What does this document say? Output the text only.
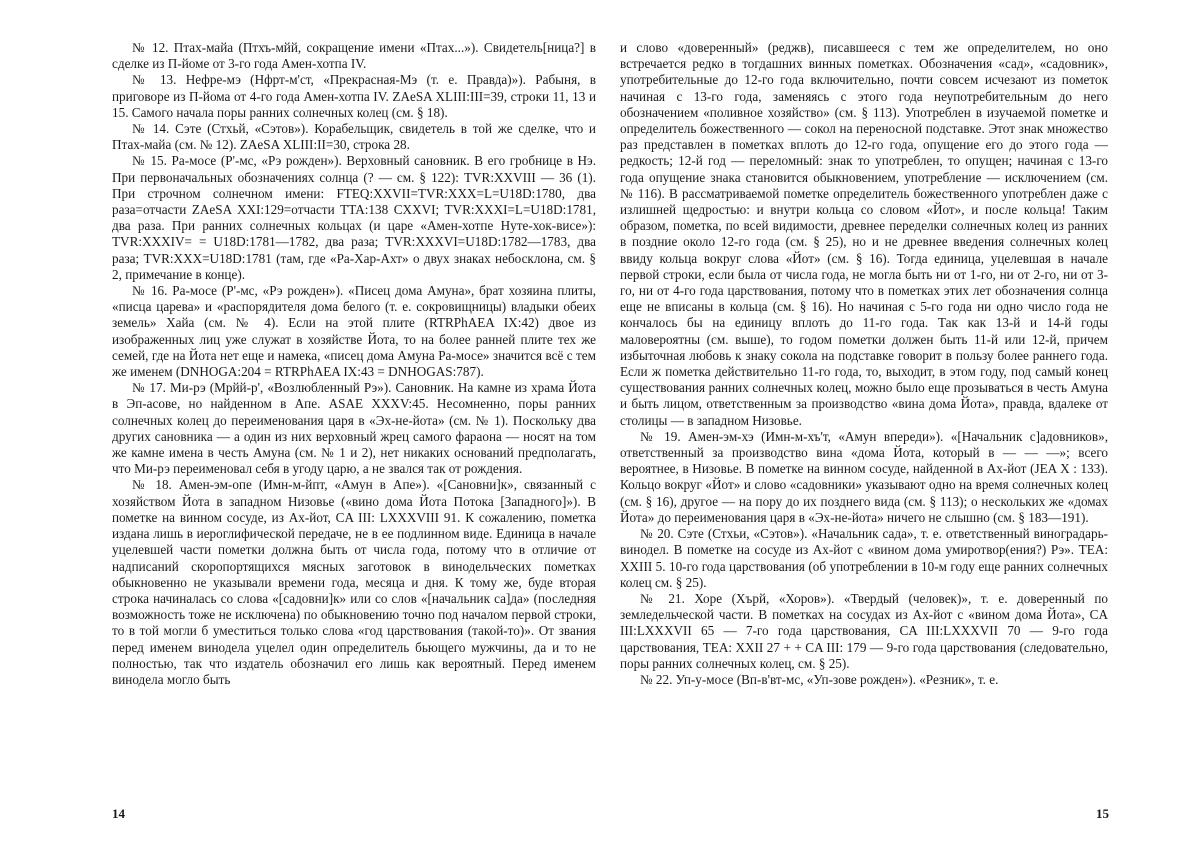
№ 12. Птах-майа (Птхъ-мйй, сокращение имени «Птах...»). Свидетель[ница?] в сделке из П-йоме от 3-го года Амен-хотпа IV.

№ 13. Нефре-мэ (Нфрт-м'ст, «Прекрасная-Мэ (т. е. Правда)»). Рабыня, в приговоре из П-йома от 4-го года Амен-хотпа IV. ZAeSA XLIII:III=39, строки 11, 13 и 15. Самого начала поры ранних солнечных колец (см. § 18).

№ 14. Сэте (Стхьй, «Сэтов»). Корабельщик, свидетель в той же сделке, что и Птах-майа (см. № 12). ZAeSA XLIII:II=30, строка 28.

№ 15. Ра-мосе (Р'-мс, «Рэ рожден»). Верховный сановник. В его гробнице в Нэ. При первоначальных обозначениях солнца (? — см. § 122): TVR:XXVIII — 36 (1). При строчном солнечном имени: FTEQ:XXVII=TVR:XXX=L=U18D:1780, два раза=отчасти ZAeSA XXI:129=отчасти TTA:138 CXXVI; TVR:XXXI=L=U18D:1781, два раза. При ранних солнечных кольцах (и царе «Амен-хотпе Нуте-хок-висе»): TVR:XXXIV= = U18D:1781—1782, два раза; TVR:XXXVI=U18D:1782—1783, два раза; TVR:XXX=U18D:1781 (там, где «Ра-Хар-Ахт» о двух знаках небосклона, см. § 2, примечание в конце).

№ 16. Ра-мосе (Р'-мс, «Рэ рожден»). «Писец дома Амуна», брат хозяина плиты, «писца царева» и «распорядителя дома белого (т. е. сокровищницы) владыки обеих земель» Хайа (см. № 4). Если на этой плите (RTRPhAEA IX:42) двое из изображенных лиц уже служат в хозяйстве Йота, то на более ранней плите тех же семей, где на Йота нет еще и намека, «писец дома Амуна Ра-мосе» значится всё с тем же именем (DNHOGA:204 = RTRPhAEA IX:43 = DNHOGAS:787).

№ 17. Ми-рэ (Мрйй-р', «Возлюбленный Рэ»). Сановник. На камне из храма Йота в Эп-асове, но найденном в Апе. ASAE XXXV:45. Несомненно, поры ранних солнечных колец до переименования царя в «Эх-не-йота» (см. № 1). Поскольку два других сановника — а один из них верховный жрец самого фараона — носят на том же камне имена в честь Амуна (см. № 1 и 2), нет никаких оснований предполагать, что Ми-рэ переименовал себя в угоду царю, а не звался так от рождения.

№ 18. Амен-эм-опе (Имн-м-йпт, «Амун в Апе»). «[Сановни]к», связанный с хозяйством Йота в западном Низовье («вино дома Йота Потока [Западного]»). В пометке на винном сосуде, из Ах-йот, CA III: LXXXVIII 91. К сожалению, пометка издана лишь в иероглифической передаче, не в ее подлинном виде. Единица в начале уцелевшей части пометки должна быть от числа года, потому что в отличие от надписаний скоропортящихся мясных заготовок в винодельческих пометках обыкновенно не указывали времени года, месяца и дня. К тому же, буде вторая строка начиналась со слова «[садовни]к» или со слов «[начальник са]да» (последняя возможность тоже не исключена) по обыкновению точно под началом первой строки, то в той могли б уместиться только слова «год царствования (такой-то)». От звания перед именем винодела уцелел один определитель бьющего мужчины, да и то не полностью, так что издатель обозначил его лишь как вероятный. Перед именем винодела могло быть

и слово «доверенный» (реджв), писавшееся с тем же определителем, но оно встречается редко в тогдашних винных пометках. Обозначения «сад», «садовник», употребительные до 12-го года включительно, почти совсем исчезают из пометок начиная с 13-го года, заменяясь с этого года неупотребительным до него обозначением «поливное хозяйство» (см. § 113). Употреблен в изучаемой пометке и определитель божественного — сокол на переносной подставке. Этот знак множество раз представлен в пометках вплоть до 12-го года, опущение его до этого года — редкость; 12-й год — переломный: знак то употреблен, то опущен; начиная с 13-го года опущение знака становится обыкновением, употребление — исключением (см. № 116). В рассматриваемой пометке определитель божественного употреблен даже с излишней щедростью: и внутри кольца со словом «Йот», и после кольца! Таким образом, пометка, по всей видимости, древнее переделки солнечных колец из ранних в поздние около 12-го года (см. § 25), но и не древнее введения солнечных колец ввиду кольца вокруг слова «Йот» (см. § 16). Тогда единица, уцелевшая в начале первой строки, если была от числа года, не могла быть ни от 1-го, ни от 2-го, ни от 3-го, ни от 4-го года царствования, потому что в пометках этих лет обозначения солнца еще не вписаны в кольца (см. § 16). Но начиная с 5-го года ни одно число года не кончалось бы на единицу вплоть до 11-го года. Так как 13-й и 14-й годы маловероятны (см. выше), то годом пометки должен быть 11-й или 12-й, причем избыточная любовь к знаку сокола на подставке говорит в пользу более раннего года. Если ж пометка действительно 11-го года, то, выходит, в этом году, под самый конец существования ранних солнечных колец, можно было еще прозываться в честь Амуна и быть лицом, ответственным за производство «вина дома Йота», правда, вдалеке от столицы — в западном Низовье.

№ 19. Амен-эм-хэ (Имн-м-хъ'т, «Амун впереди»). «[Начальник с]адовников», ответственный за производство вина «дома Йота, который в — — —»; всего вероятнее, в Низовье. В пометке на винном сосуде, найденной в Ах-йот (JEA X : 133). Кольцо вокруг «Йот» и слово «садовники» указывают одно на время солнечных колец (см. § 16), другое — на пору до их позднего вида (см. § 113); о нескольких же «домах Йота» до переименования царя в «Эх-не-йота» ничего не слышно (см. § 183—191).

№ 20. Сэте (Стхьи, «Сэтов»). «Начальник сада», т. е. ответственный виноградарь-винодел. В пометке на сосуде из Ах-йот с «вином дома умиротвор(ения?) Рэ». TEA: XXIII 5. 10-го года царствования (об употреблении в 10-м году еще ранних солнечных колец см. § 25).

№ 21. Хоре (Хърй, «Хоров»). «Твердый (человек)», т. е. доверенный по земледельческой части. В пометках на сосудах из Ах-йот с «вином дома Йота», CA III:LXXXVII 65 — 7-го года царствования, CA III:LXXXVII 70 — 9-го года царствования, TEA: XXII 27 + + CA III: 179 — 9-го года царствования (следовательно, поры ранних солнечных колец, см. § 25).

№ 22. Уп-у-мосе (Вп-в'вт-мс, «Уп-зове рожден»). «Резник», т. е.

14	15
